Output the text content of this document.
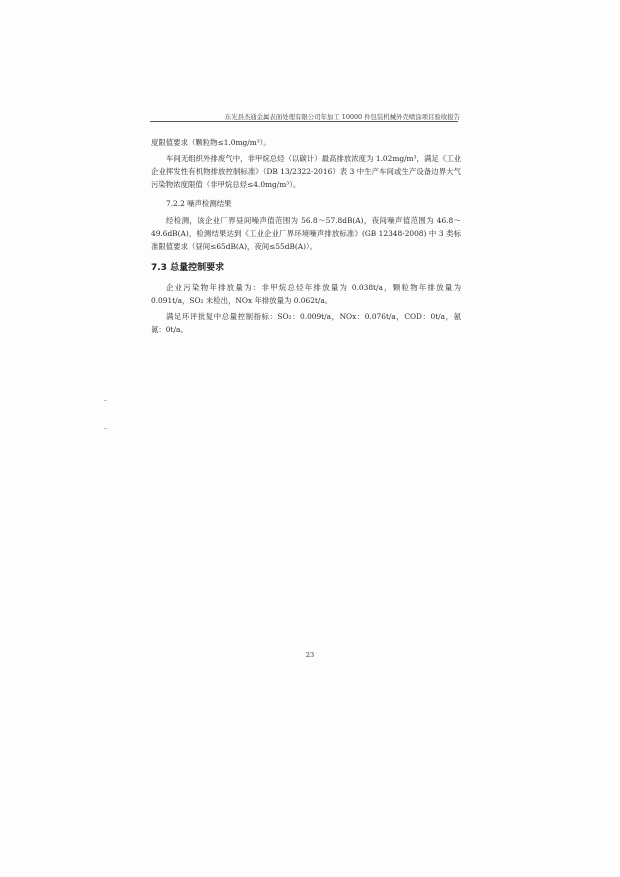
东光县杰通金属表面处理有限公司年加工 10000 件包装机械外壳喷涂项目验收报告

度限值要求（颗粒物≤1.0mg/m³）。

车间无组织外排废气中，非甲烷总烃（以碳计）最高排放浓度为 1.02mg/m³，满足《工业企业挥发性有机物排放控制标准》（DB 13/2322-2016）表 3 中生产车间或生产设备边界大气污染物浓度限值（非甲烷总烃≤4.0mg/m³）。

7.2.2 噪声检测结果

经检测，该企业厂界昼间噪声值范围为 56.8～57.8dB(A)，夜间噪声值范围为 46.8～49.6dB(A)，检测结果达到《工业企业厂界环境噪声排放标准》(GB 12348-2008) 中 3 类标准限值要求（昼间≤65dB(A)，夜间≤55dB(A)）。

7.3 总量控制要求

企业污染物年排放量为：非甲烷总烃年排放量为 0.038t/a，颗粒物年排放量为 0.091t/a，SO₂ 未检出，NOx 年排放量为 0.062t/a。

满足环评批复中总量控制指标：SO₂：0.009t/a，NOx：0.076t/a，COD：0t/a，氨氮：0t/a。

23
